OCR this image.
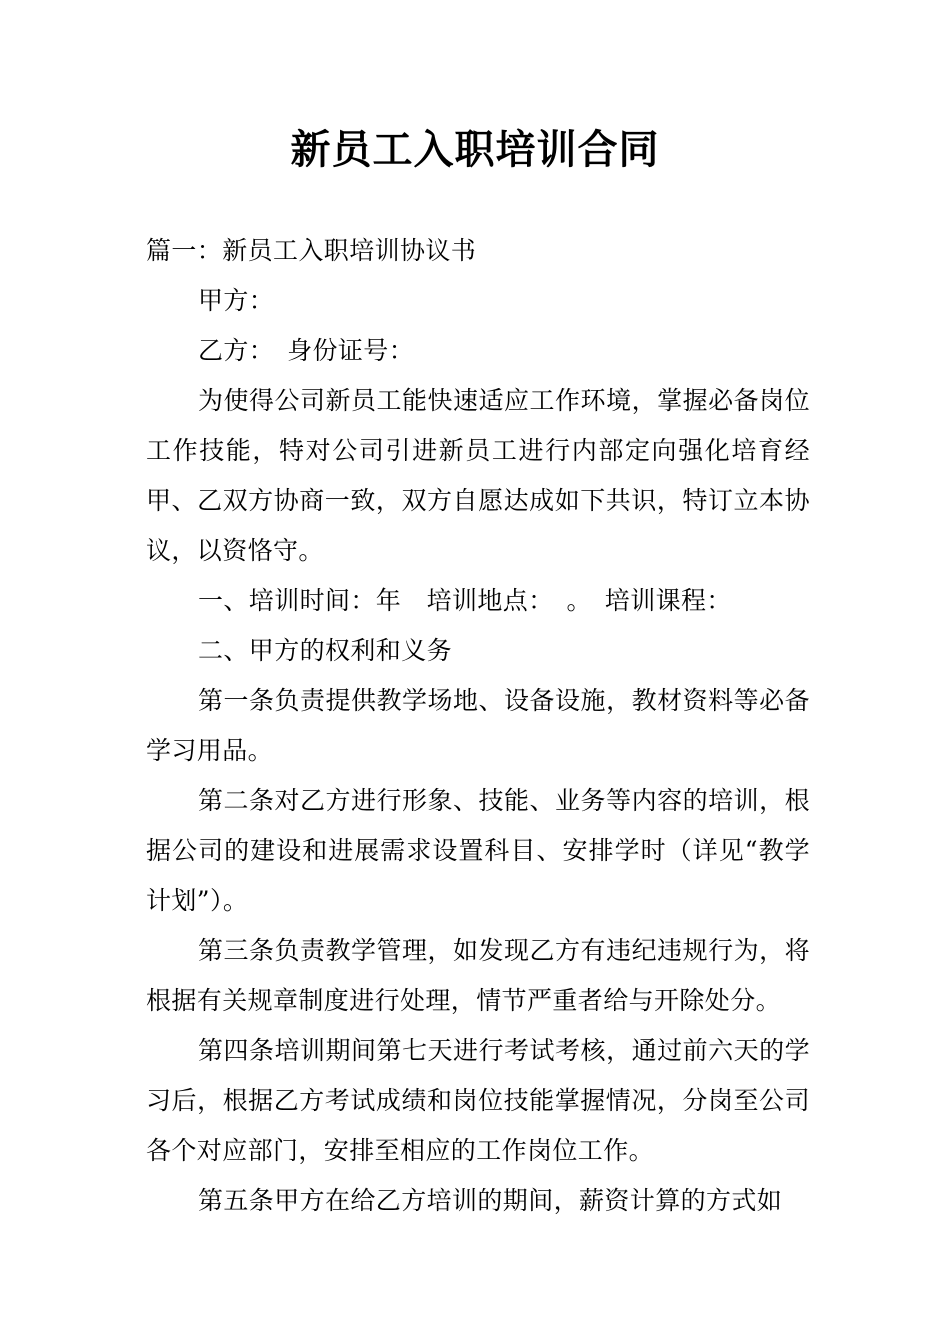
新员工入职培训合同

篇一：新员工入职培训协议书

甲方：

乙方：　身份证号：

为使得公司新员工能快速适应工作环境，掌握必备岗位工作技能，特对公司引进新员工进行内部定向强化培育经甲、乙双方协商一致，双方自愿达成如下共识，特订立本协议，以资恪守。

一、培训时间：年　培训地点：　。　培训课程：

二、甲方的权利和义务

第一条负责提供教学场地、设备设施，教材资料等必备学习用品。

第二条对乙方进行形象、技能、业务等内容的培训，根据公司的建设和进展需求设置科目、安排学时（详见“教学计划”）。

第三条负责教学管理，如发现乙方有违纪违规行为，将根据有关规章制度进行处理，情节严重者给与开除处分。

第四条培训期间第七天进行考试考核，通过前六天的学习后，根据乙方考试成绩和岗位技能掌握情况，分岗至公司各个对应部门，安排至相应的工作岗位工作。

第五条甲方在给乙方培训的期间，薪资计算的方式如
